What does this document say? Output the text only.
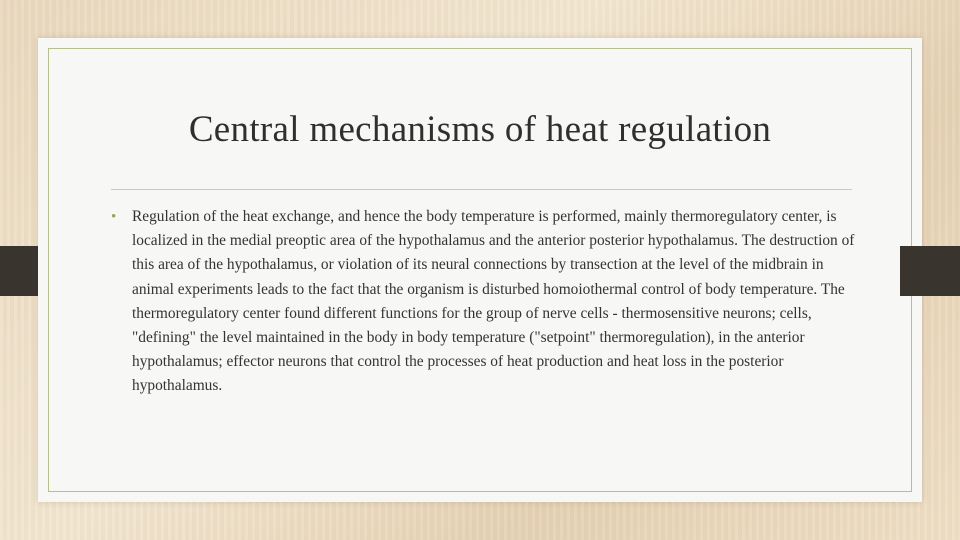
Central mechanisms of heat regulation
• Regulation of the heat exchange, and hence the body temperature is performed, mainly thermoregulatory center, is localized in the medial preoptic area of the hypothalamus and the anterior posterior hypothalamus. The destruction of this area of the hypothalamus, or violation of its neural connections by transection at the level of the midbrain in animal experiments leads to the fact that the organism is disturbed homoiothermal control of body temperature. The thermoregulatory center found different functions for the group of nerve cells - thermosensitive neurons; cells, "defining" the level maintained in the body in body temperature ("setpoint" thermoregulation), in the anterior hypothalamus; effector neurons that control the processes of heat production and heat loss in the posterior hypothalamus.
